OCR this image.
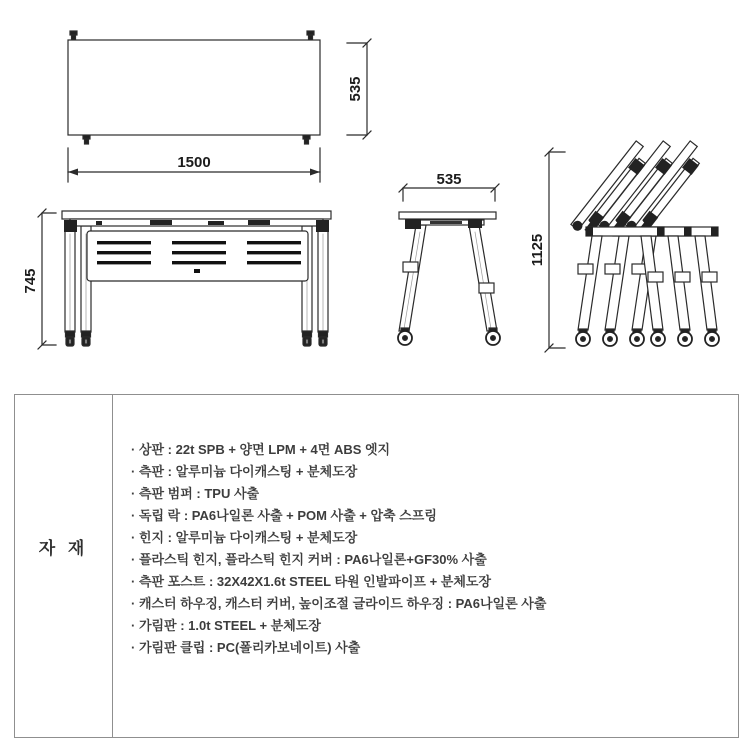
535
1500
745
535
1125
자 재
· 상판 : 22t SPB + 양면 LPM + 4면 ABS 엣지
· 측판 : 알루미늄 다이캐스팅 + 분체도장
· 측판 범퍼 : TPU 사출
· 독립 락 : PA6나일론 사출 + POM 사출 + 압축 스프링
· 힌지 : 알루미늄 다이캐스팅 + 분체도장
· 플라스틱 힌지, 플라스틱 힌지 커버 : PA6나일론+GF30% 사출
· 측판 포스트 : 32X42X1.6t STEEL 타원 인발파이프 + 분체도장
· 캐스터 하우징, 캐스터 커버, 높이조절 글라이드 하우징 : PA6나일론 사출
· 가림판 : 1.0t STEEL + 분체도장
· 가림판 클립 : PC(폴리카보네이트) 사출
